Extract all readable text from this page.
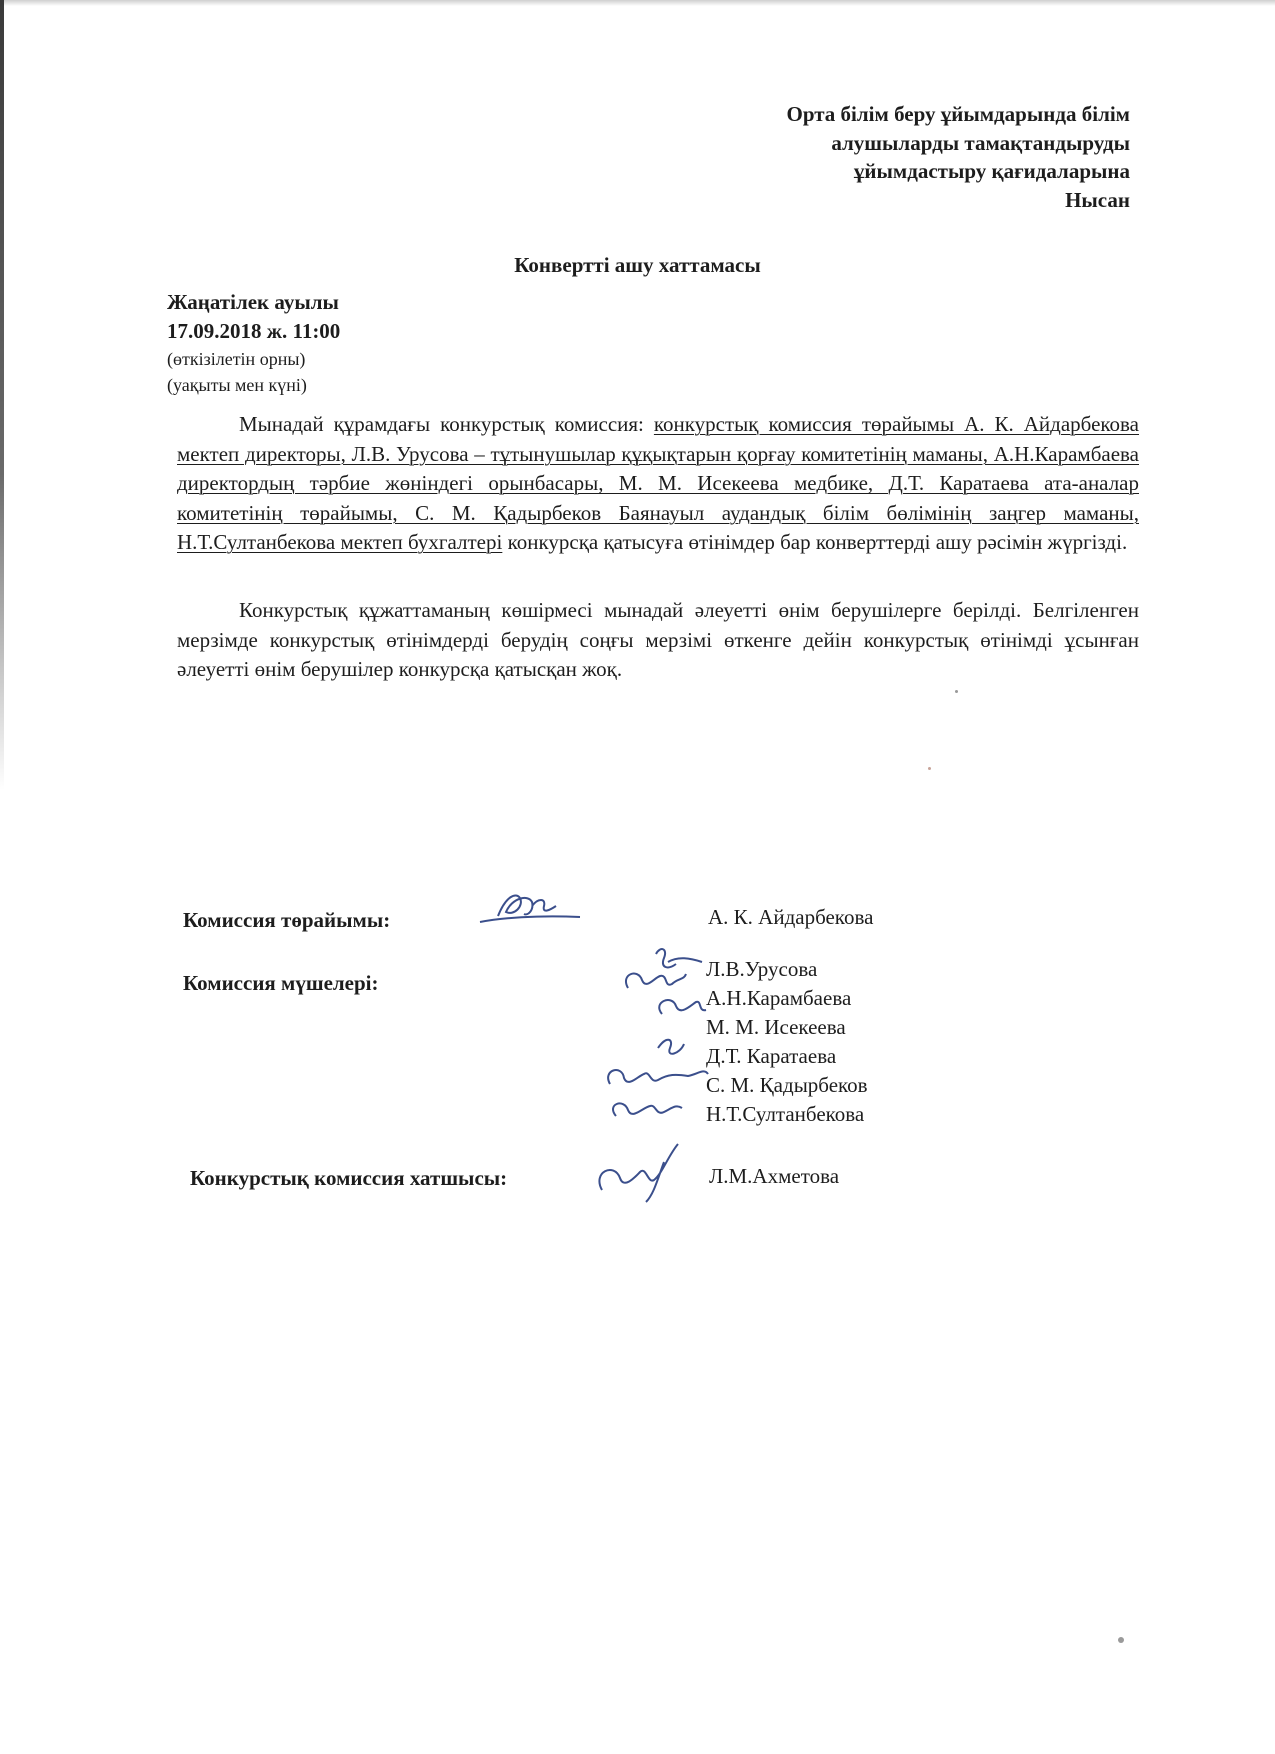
Орта білім беру ұйымдарында білім
алушыларды тамақтандыруды
ұйымдастыру қағидаларына
Нысан
Конвертті ашу хаттамасы
Жаңатілек ауылы
17.09.2018 ж. 11:00
(өткізілетін орны)
(уақыты мен күні)
Мынадай құрамдағы конкурстық комиссия: конкурстық комиссия төрайымы А. К. Айдарбекова мектеп директоры, Л.В. Урусова – тұтынушылар құқықтарын қорғау комитетінің маманы, А.Н.Карамбаева директордың тәрбие жөніндегі орынбасары, М. М. Исекеева медбике, Д.Т. Каратаева ата-аналар комитетінің төрайымы, С. М. Қадырбеков Баянауыл аудандық білім бөлімінің заңгер маманы, Н.Т.Султанбекова мектеп бухгалтері конкурсқа қатысуға өтінімдер бар конверттерді ашу рәсімін жүргізді.
Конкурстық құжаттаманың көшірмесі мынадай әлеуетті өнім берушілерге берілді. Белгіленген мерзімде конкурстық өтінімдерді берудің соңғы мерзімі өткенге дейін конкурстық өтінімді ұсынған әлеуетті өнім берушілер конкурсқа қатысқан жоқ.
Комиссия төрайымы:	А. К. Айдарбекова
Комиссия мүшелері:
Л.В.Урусова
А.Н.Карамбаева
М. М. Исекеева
Д.Т. Каратаева
С. М. Қадырбеков
Н.Т.Султанбекова
Конкурстық комиссия хатшысы:	Л.М.Ахметова
